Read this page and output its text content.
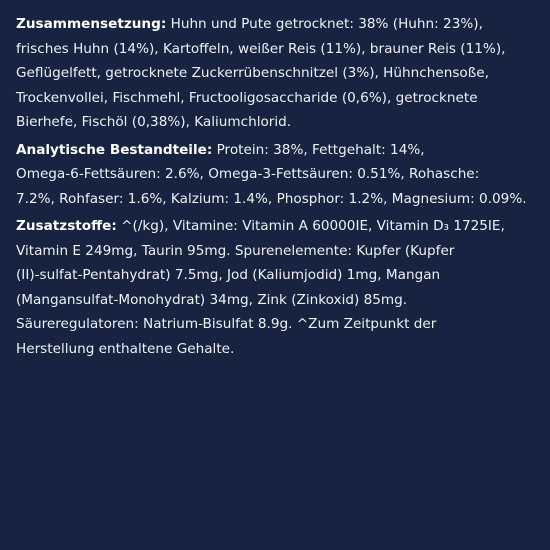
Zusammensetzung: Huhn und Pute getrocknet: 38% (Huhn: 23%),
frisches Huhn (14%), Kartoffeln, weißer Reis (11%), brauner Reis (11%),
Geflügelfett, getrocknete Zuckerrübenschnitzel (3%), Hühnchensoße,
Trockenvollei, Fischmehl, Fructooligosaccharide (0,6%), getrocknete
Bierhefe, Fischöl (0,38%), Kaliumchlorid.

Analytische Bestandteile: Protein: 38%, Fettgehalt: 14%,
Omega-6-Fettsäuren: 2.6%, Omega-3-Fettsäuren: 0.51%, Rohasche:
7.2%, Rohfaser: 1.6%, Kalzium: 1.4%, Phosphor: 1.2%, Magnesium: 0.09%.

Zusatzstoffe: ^(/kg), Vitamine: Vitamin A 60000IE, Vitamin D₃ 1725IE,
Vitamin E 249mg, Taurin 95mg. Spurenelemente: Kupfer (Kupfer
(II)-sulfat-Pentahydrat) 7.5mg, Jod (Kaliumjodid) 1mg, Mangan
(Mangansulfat-Monohydrat) 34mg, Zink (Zinkoxid) 85mg.
Säureregulatoren: Natrium-Bisulfat 8.9g. ^Zum Zeitpunkt der
Herstellung enthaltene Gehalte.
